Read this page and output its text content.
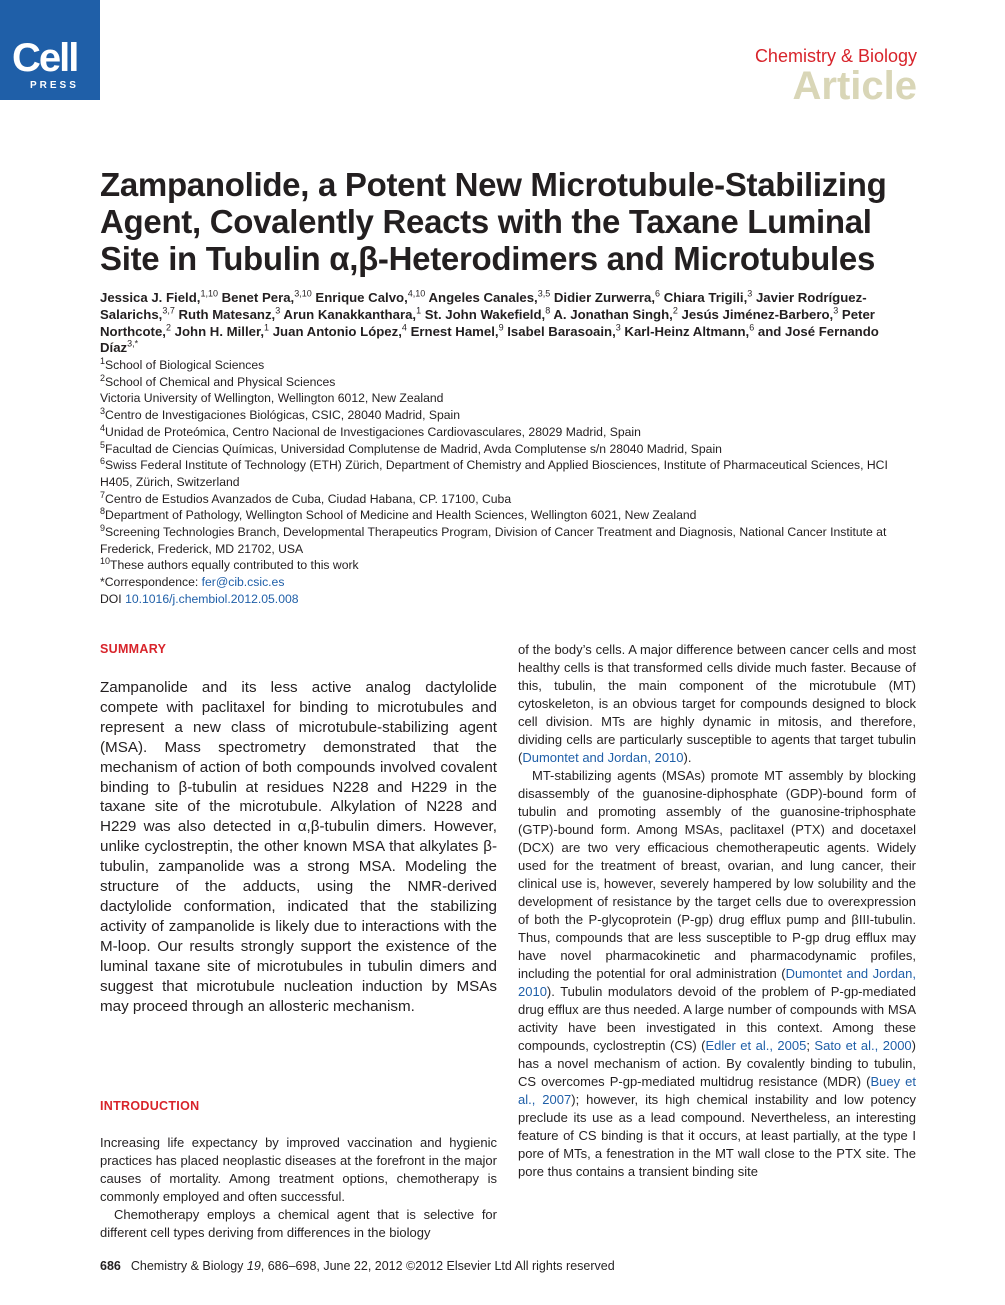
Cell
PRESS
Chemistry & Biology
Article
Zampanolide, a Potent New Microtubule-Stabilizing Agent, Covalently Reacts with the Taxane Luminal Site in Tubulin α,β-Heterodimers and Microtubules
Jessica J. Field,$^{1,10}$ Benet Pera,$^{3,10}$ Enrique Calvo,$^{4,10}$ Angeles Canales,$^{3,5}$ Didier Zurwerra,$^6$ Chiara Trigili,$^3$ Javier Rodríguez-Salarichs,$^{3,7}$ Ruth Matesanz,$^3$ Arun Kanakkanthara,$^1$ St. John Wakefield,$^8$ A. Jonathan Singh,$^2$ Jesús Jiménez-Barbero,$^3$ Peter Northcote,$^2$ John H. Miller,$^1$ Juan Antonio López,$^4$ Ernest Hamel,$^9$ Isabel Barasoain,$^3$ Karl-Heinz Altmann,$^6$ and José Fernando Díaz$^{3,*}$

$^1$School of Biological Sciences

$^2$School of Chemical and Physical Sciences

Victoria University of Wellington, Wellington 6012, New Zealand

$^3$Centro de Investigaciones Biológicas, CSIC, 28040 Madrid, Spain

$^4$Unidad de Proteómica, Centro Nacional de Investigaciones Cardiovasculares, 28029 Madrid, Spain

$^5$Facultad de Ciencias Químicas, Universidad Complutense de Madrid, Avda Complutense s/n 28040 Madrid, Spain

$^6$Swiss Federal Institute of Technology (ETH) Zürich, Department of Chemistry and Applied Biosciences, Institute of Pharmaceutical Sciences, HCI H405, Zürich, Switzerland

$^7$Centro de Estudios Avanzados de Cuba, Ciudad Habana, CP. 17100, Cuba

$^8$Department of Pathology, Wellington School of Medicine and Health Sciences, Wellington 6021, New Zealand

$^9$Screening Technologies Branch, Developmental Therapeutics Program, Division of Cancer Treatment and Diagnosis, National Cancer Institute at Frederick, Frederick, MD 21702, USA

$^{10}$These authors equally contributed to this work

*Correspondence: fer@cib.csic.es

DOI 10.1016/j.chembiol.2012.05.008

SUMMARY
Zampanolide and its less active analog dactylolide compete with paclitaxel for binding to microtubules and represent a new class of microtubule-stabilizing agent (MSA). Mass spectrometry demonstrated that the mechanism of action of both compounds involved covalent binding to β-tubulin at residues N228 and H229 in the taxane site of the microtubule. Alkylation of N228 and H229 was also detected in α,β-tubulin dimers. However, unlike cyclostreptin, the other known MSA that alkylates β-tubulin, zampanolide was a strong MSA. Modeling the structure of the adducts, using the NMR-derived dactylolide conformation, indicated that the stabilizing activity of zampanolide is likely due to interactions with the M-loop. Our results strongly support the existence of the luminal taxane site of microtubules in tubulin dimers and suggest that microtubule nucleation induction by MSAs may proceed through an allosteric mechanism.
INTRODUCTION

Increasing life expectancy by improved vaccination and hygienic practices has placed neoplastic diseases at the forefront in the major causes of mortality. Among treatment options, chemotherapy is commonly employed and often successful.

Chemotherapy employs a chemical agent that is selective for different cell types deriving from differences in the biology

of the body’s cells. A major difference between cancer cells and most healthy cells is that transformed cells divide much faster. Because of this, tubulin, the main component of the microtubule (MT) cytoskeleton, is an obvious target for compounds designed to block cell division. MTs are highly dynamic in mitosis, and therefore, dividing cells are particularly susceptible to agents that target tubulin (Dumontet and Jordan, 2010).

MT-stabilizing agents (MSAs) promote MT assembly by blocking disassembly of the guanosine-diphosphate (GDP)-bound form of tubulin and promoting assembly of the guanosine-triphosphate (GTP)-bound form. Among MSAs, paclitaxel (PTX) and docetaxel (DCX) are two very efficacious chemotherapeutic agents. Widely used for the treatment of breast, ovarian, and lung cancer, their clinical use is, however, severely hampered by low solubility and the development of resistance by the target cells due to overexpression of both the P-glycoprotein (P-gp) drug efflux pump and βIII-tubulin. Thus, compounds that are less susceptible to P-gp drug efflux may have novel pharmacokinetic and pharmacodynamic profiles, including the potential for oral administration (Dumontet and Jordan, 2010). Tubulin modulators devoid of the problem of P-gp-mediated drug efflux are thus needed. A large number of compounds with MSA activity have been investigated in this context. Among these compounds, cyclostreptin (CS) (Edler et al., 2005; Sato et al., 2000) has a novel mechanism of action. By covalently binding to tubulin, CS overcomes P-gp-mediated multidrug resistance (MDR) (Buey et al., 2007); however, its high chemical instability and low potency preclude its use as a lead compound. Nevertheless, an interesting feature of CS binding is that it occurs, at least partially, at the type I pore of MTs, a fenestration in the MT wall close to the PTX site. The pore thus contains a transient binding site

686 Chemistry & Biology 19, 686–698, June 22, 2012 ©2012 Elsevier Ltd All rights reserved
